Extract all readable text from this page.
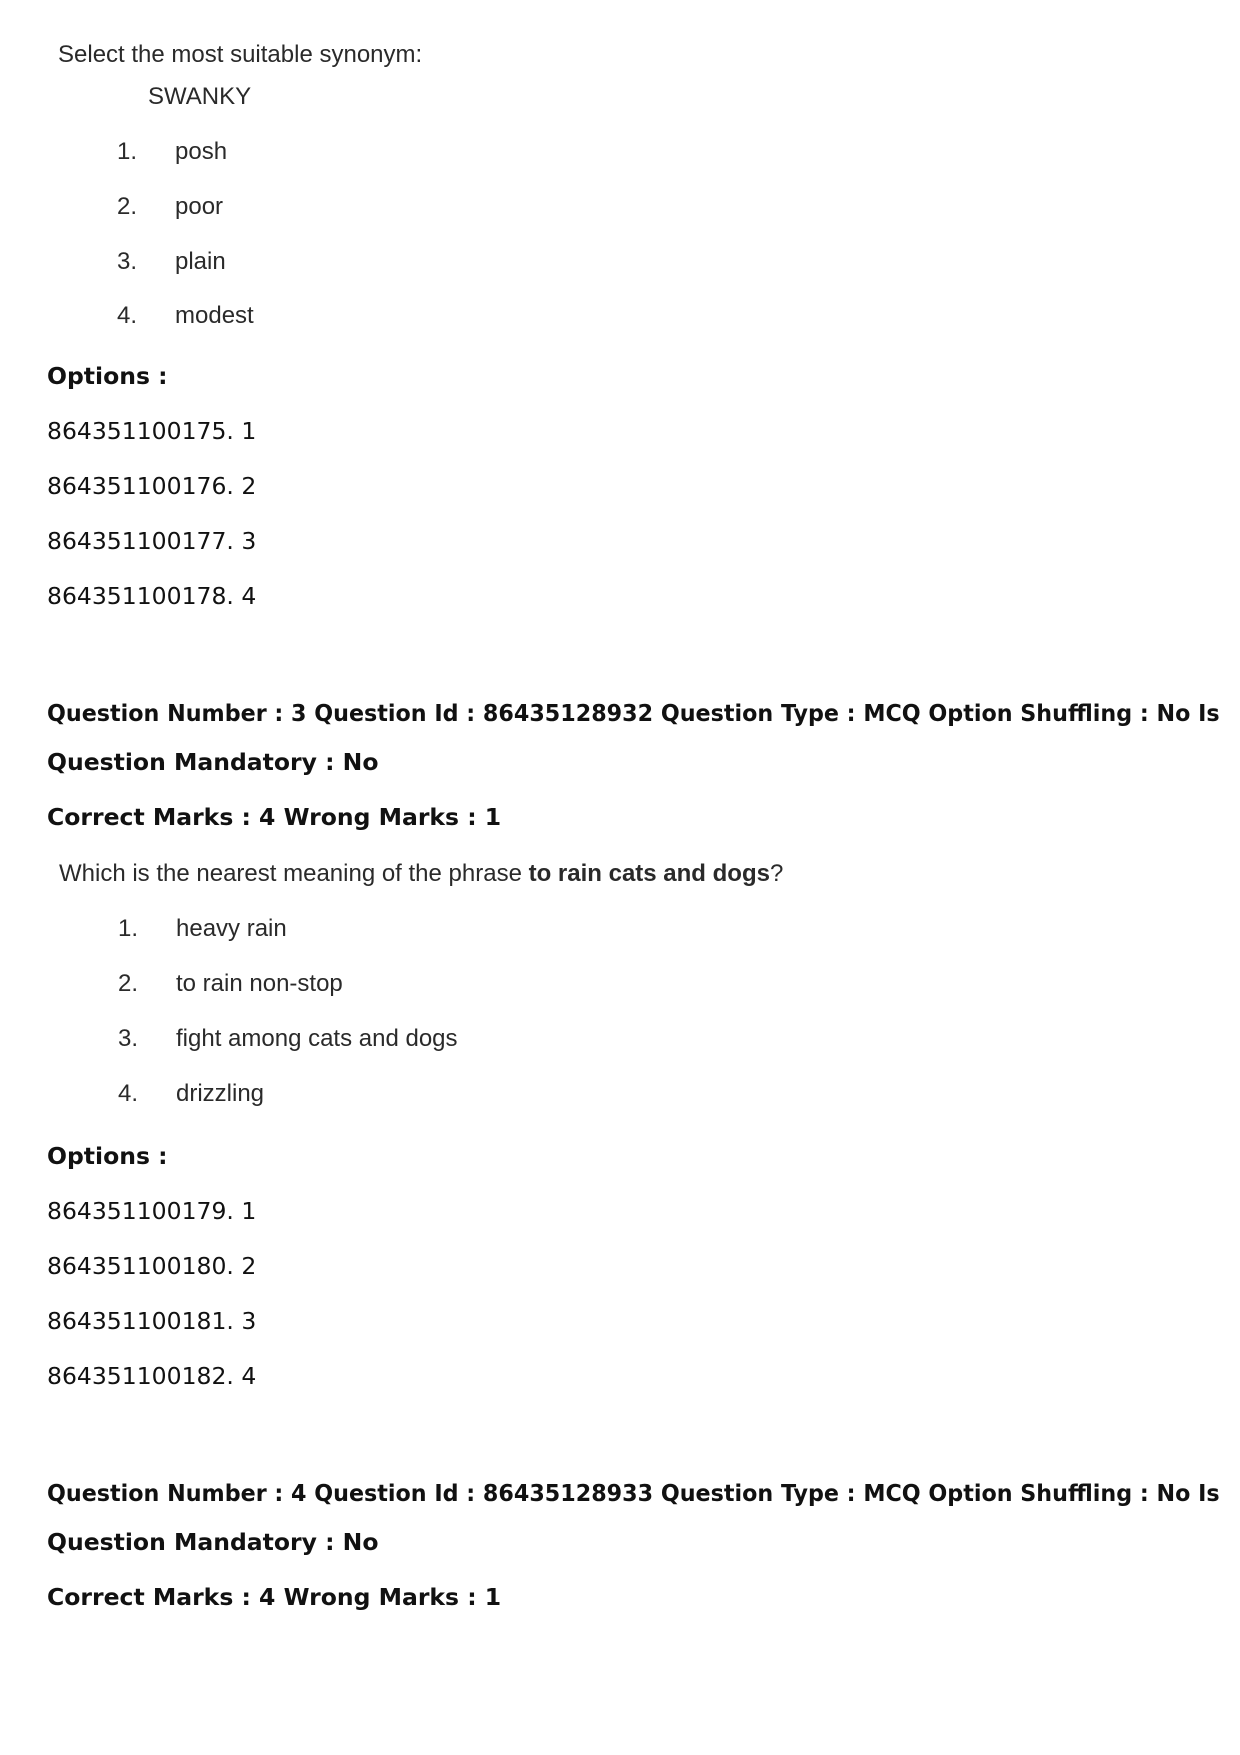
Select the most suitable synonym:
SWANKY
1.	posh
2.	poor
3.	plain
4.	modest
Options :
864351100175. 1
864351100176. 2
864351100177. 3
864351100178. 4
Question Number : 3 Question Id : 86435128932 Question Type : MCQ Option Shuffling : No Is
Question Mandatory : No
Correct Marks : 4 Wrong Marks : 1
Which is the nearest meaning of the phrase to rain cats and dogs?
1.	heavy rain
2.	to rain non-stop
3.	fight among cats and dogs
4.	drizzling
Options :
864351100179. 1
864351100180. 2
864351100181. 3
864351100182. 4
Question Number : 4 Question Id : 86435128933 Question Type : MCQ Option Shuffling : No Is
Question Mandatory : No
Correct Marks : 4 Wrong Marks : 1
